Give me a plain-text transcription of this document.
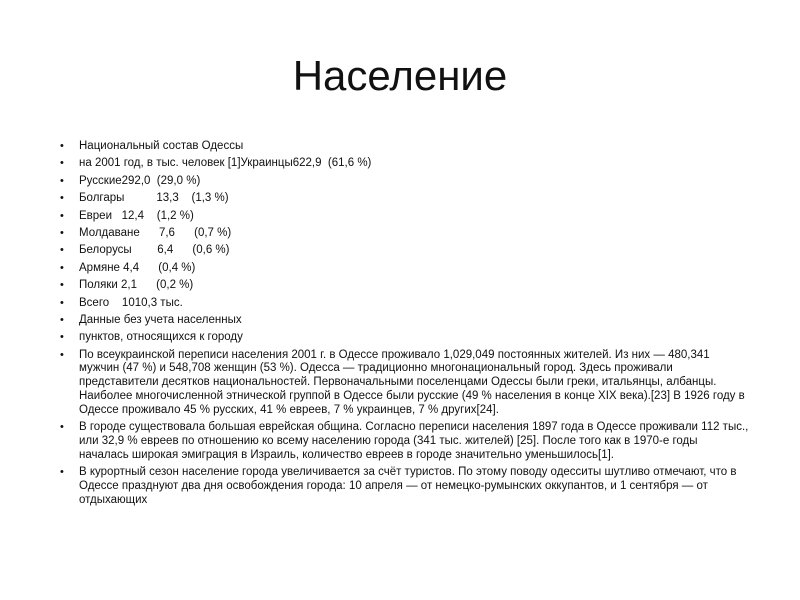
Население
• Национальный состав Одессы
• на 2001 год, в тыс. человек [1]Украинцы622,9  (61,6 %)
• Русские292,0  (29,0 %)
• Болгары          13,3    (1,3 %)
• Евреи   12,4    (1,2 %)
• Молдаване      7,6      (0,7 %)
• Белорусы        6,4      (0,6 %)
• Армяне 4,4      (0,4 %)
• Поляки 2,1      (0,2 %)
• Всего    1010,3 тыс.
• Данные без учета населенных
• пунктов, относящихся к городу
• По всеукраинской переписи населения 2001 г. в Одессе проживало 1,029,049 постоянных жителей. Из них — 480,341 мужчин (47 %) и 548,708 женщин (53 %). Одесса — традиционно многонациональный город. Здесь проживали представители десятков национальностей. Первоначальными поселенцами Одессы были греки, итальянцы, албанцы. Наиболее многочисленной этнической группой в Одессе были русские (49 % населения в конце XIX века).[23] В 1926 году в Одессе проживало 45 % русских, 41 % евреев, 7 % украинцев, 7 % других[24].
• В городе существовала большая еврейская община. Согласно переписи населения 1897 года в Одессе проживали 112 тыс., или 32,9 % евреев по отношению ко всему населению города (341 тыс. жителей) [25]. После того как в 1970-е годы началась широкая эмиграция в Израиль, количество евреев в городе значительно уменьшилось[1].
• В курортный сезон население города увеличивается за счёт туристов. По этому поводу одесситы шутливо отмечают, что в Одессе празднуют два дня освобождения города: 10 апреля — от немецко-румынских оккупантов, и 1 сентября — от отдыхающих
